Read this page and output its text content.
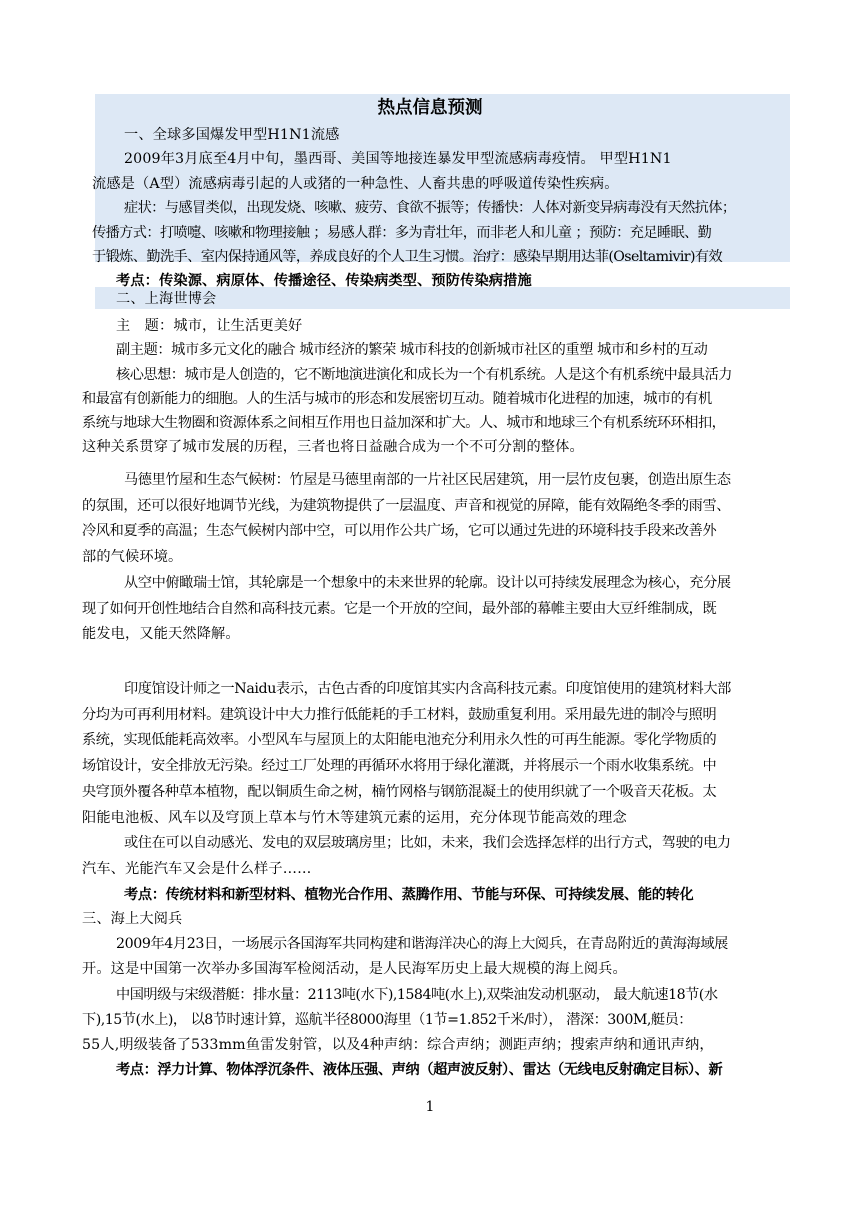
热点信息预测

一、全球多国爆发甲型H1N1流感

2009年3月底至4月中旬，墨西哥、美国等地接连暴发甲型流感病毒疫情。 甲型H1N1

流感是（A型）流感病毒引起的人或猪的一种急性、人畜共患的呼吸道传染性疾病。

症状：与感冒类似，出现发烧、咳嗽、疲劳、食欲不振等；传播快：人体对新变异病毒没有天然抗体；

传播方式：打喷嚏、咳嗽和物理接触 ；易感人群：多为青壮年，而非老人和儿童 ；预防：充足睡眠、勤

于锻炼、勤洗手、室内保持通风等，养成良好的个人卫生习惯。治疗：感染早期用达菲(Oseltamivir)有效

考点：传染源、病原体、传播途径、传染病类型、预防传染病措施

二、上海世博会

主　题：城市，让生活更美好

副主题：城市多元文化的融合 城市经济的繁荣 城市科技的创新城市社区的重塑 城市和乡村的互动

核心思想：城市是人创造的，它不断地演进演化和成长为一个有机系统。人是这个有机系统中最具活力

和最富有创新能力的细胞。人的生活与城市的形态和发展密切互动。随着城市化进程的加速，城市的有机

系统与地球大生物圈和资源体系之间相互作用也日益加深和扩大。人、城市和地球三个有机系统环环相扣，

这种关系贯穿了城市发展的历程，三者也将日益融合成为一个不可分割的整体。

马德里竹屋和生态气候树：竹屋是马德里南部的一片社区民居建筑，用一层竹皮包裹，创造出原生态

的氛围，还可以很好地调节光线，为建筑物提供了一层温度、声音和视觉的屏障，能有效隔绝冬季的雨雪、

冷风和夏季的高温；生态气候树内部中空，可以用作公共广场，它可以通过先进的环境科技手段来改善外

部的气候环境。

从空中俯瞰瑞士馆，其轮廓是一个想象中的未来世界的轮廓。设计以可持续发展理念为核心，充分展

现了如何开创性地结合自然和高科技元素。它是一个开放的空间，最外部的幕帷主要由大豆纤维制成，既

能发电，又能天然降解。

印度馆设计师之一Naidu表示，古色古香的印度馆其实内含高科技元素。印度馆使用的建筑材料大部

分均为可再利用材料。建筑设计中大力推行低能耗的手工材料，鼓励重复利用。采用最先进的制冷与照明

系统，实现低能耗高效率。小型风车与屋顶上的太阳能电池充分利用永久性的可再生能源。零化学物质的

场馆设计，安全排放无污染。经过工厂处理的再循环水将用于绿化灌溉，并将展示一个雨水收集系统。中

央穹顶外覆各种草本植物，配以铜质生命之树，楠竹网格与钢筋混凝土的使用织就了一个吸音天花板。太

阳能电池板、风车以及穹顶上草本与竹木等建筑元素的运用，充分体现节能高效的理念

或住在可以自动感光、发电的双层玻璃房里；比如，未来，我们会选择怎样的出行方式，驾驶的电力

汽车、光能汽车又会是什么样子……

考点：传统材料和新型材料、植物光合作用、蒸腾作用、节能与环保、可持续发展、能的转化

三、海上大阅兵

2009年4月23日，一场展示各国海军共同构建和谐海洋决心的海上大阅兵，在青岛附近的黄海海域展

开。这是中国第一次举办多国海军检阅活动，是人民海军历史上最大规模的海上阅兵。

中国明级与宋级潜艇：排水量：2113吨(水下),1584吨(水上),双柴油发动机驱动， 最大航速18节(水

下),15节(水上)， 以8节时速计算，巡航半径8000海里（1节=1.852千米/时）， 潜深：300M,艇员：

55人,明级装备了533mm鱼雷发射管，以及4种声纳：综合声纳；测距声纳；搜索声纳和通讯声纳，

考点：浮力计算、物体浮沉条件、液体压强、声纳（超声波反射）、雷达（无线电反射确定目标）、新

1
